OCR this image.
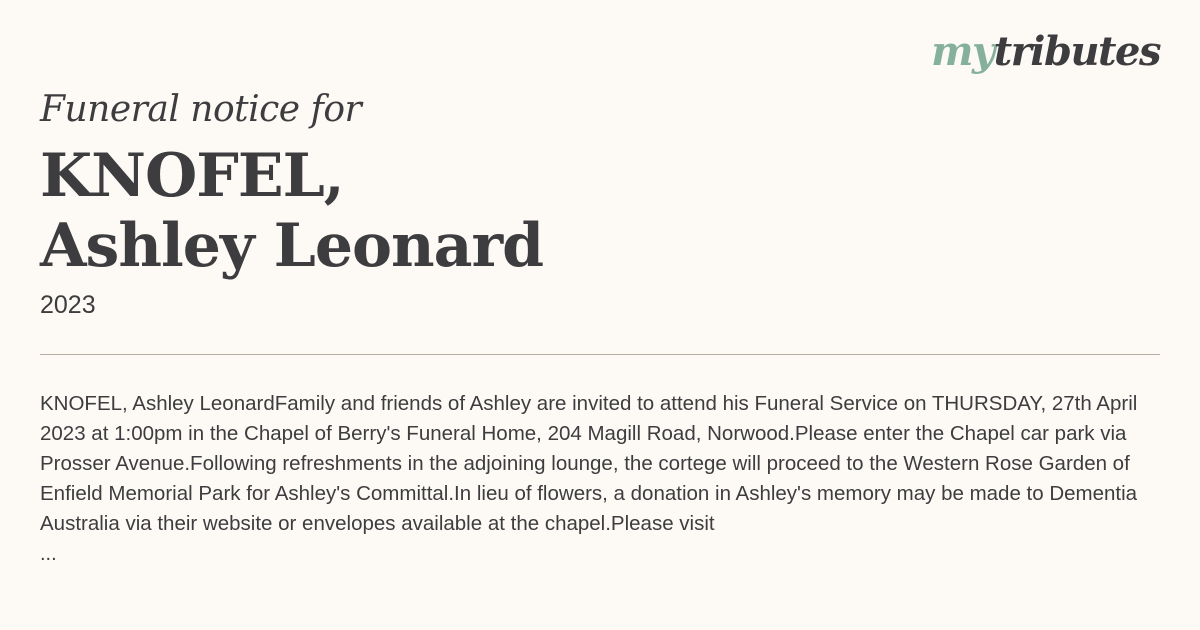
mytributes
Funeral notice for
KNOFEL,
Ashley Leonard
2023

KNOFEL, Ashley LeonardFamily and friends of Ashley are invited to attend his Funeral Service on THURSDAY, 27th April 2023 at 1:00pm in the Chapel of Berry's Funeral Home, 204 Magill Road, Norwood.Please enter the Chapel car park via Prosser Avenue.Following refreshments in the adjoining lounge, the cortege will proceed to the Western Rose Garden of Enfield Memorial Park for Ashley's Committal.In lieu of flowers, a donation in Ashley's memory may be made to Dementia Australia via their website or envelopes available at the chapel.Please visit

...
